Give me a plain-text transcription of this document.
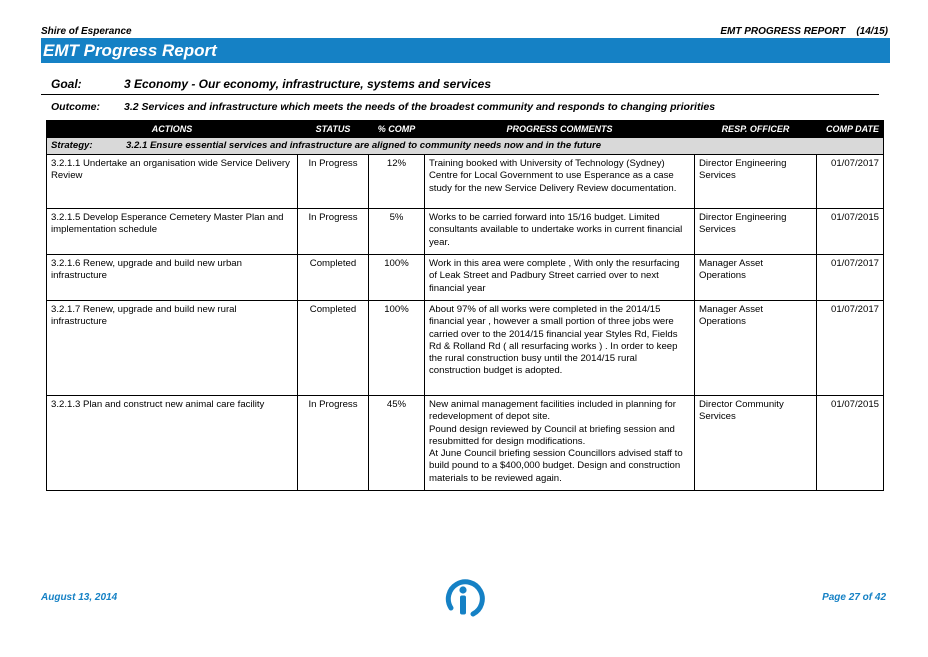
Shire of Esperance	EMT PROGRESS REPORT (14/15)
EMT Progress Report
Goal:	3 Economy - Our economy, infrastructure, systems and services
Outcome: 3.2 Services and infrastructure which meets the needs of the broadest community and responds to changing priorities
ACTIONS	STATUS	% COMP	PROGRESS COMMENTS	RESP. OFFICER	COMP DATE
Strategy: 3.2.1 Ensure essential services and infrastructure are aligned to community needs now and in the future					
3.2.1.1 Undertake an organisation wide Service Delivery Review	In Progress	12%	Training booked with University of Technology (Sydney) Centre for Local Government to use Esperance as a case study for the new Service Delivery Review documentation.	Director Engineering Services	01/07/2017
3.2.1.5 Develop Esperance Cemetery Master Plan and implementation schedule	In Progress	5%	Works to be carried forward into 15/16 budget. Limited consultants available to undertake works in current financial year.	Director Engineering Services	01/07/2015
3.2.1.6 Renew, upgrade and build new urban infrastructure	Completed	100%	Work in this area were complete , With only the resurfacing of Leak Street and Padbury Street carried over to next financial year	Manager Asset Operations	01/07/2017
3.2.1.7 Renew, upgrade and build new rural infrastructure	Completed	100%	About 97% of all works were completed in the 2014/15 financial year , however a small portion of three jobs were carried over to the 2014/15 financial year Styles Rd, Fields Rd & Rolland Rd ( all resurfacing works ) . In order to keep the rural construction busy until the 2014/15 rural construction budget is adopted.	Manager Asset Operations	01/07/2017
3.2.1.3 Plan and construct new animal care facility	In Progress	45%	New animal management facilities included in planning for redevelopment of depot site.
Pound design reviewed by Council at briefing session and resubmitted for design modifications.
At June Council briefing session Councillors advised staff to build pound to a $400,000 budget. Design and construction materials to be reviewed again.	Director Community Services	01/07/2015
August 13, 2014	Page 27 of 42
